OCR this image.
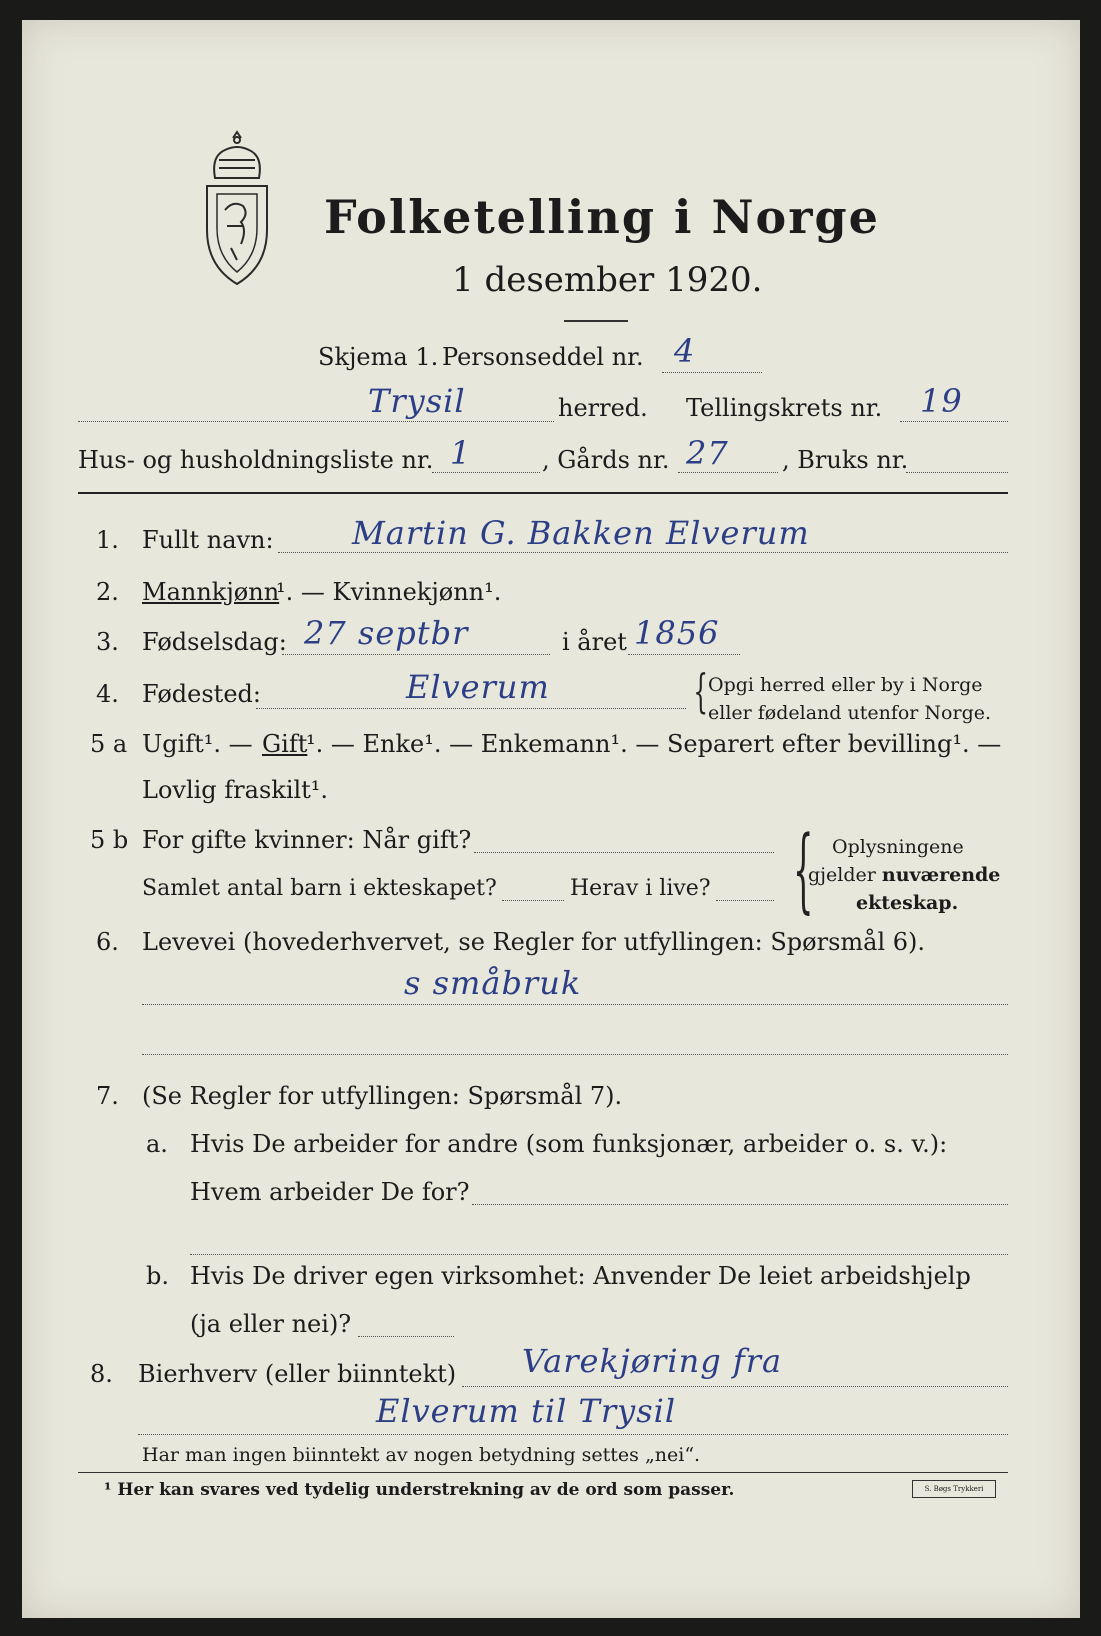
Folketelling i Norge
1 desember 1920.
Skjema 1. Personseddel nr. 4
Trysil	herred. Tellingskrets nr. 19
Hus- og husholdningsliste nr. 1	, Gårds nr. 27 , Bruks nr.
1. Fullt navn: Martin G. Bakken Elverum
2. Mannkjønn
¹. — Kvinnekjønn¹.
3. Fødselsdag: 27 septbr	i året 1856
4. Fødested:	Elverum	{ Opgi herred eller by i Norge
eller fødeland utenfor Norge.
5 a Ugift¹. — Gift
¹. — Enke¹. — Enkemann¹. — Separert efter bevilling¹. —
Lovlig fraskilt¹.
5 b For gifte kvinner: Når gift?
Samlet antal barn i ekteskapet?	Herav i live? { Oplysningene
gjelder nuværende
ekteskap.
6. Levevei (hovederhvervet, se Regler for utfyllingen: Spørsmål 6).
s småbruk
7. (Se Regler for utfyllingen: Spørsmål 7).
a. Hvis De arbeider for andre (som funksjonær, arbeider o. s. v.):
Hvem arbeider De for?
b. Hvis De driver egen virksomhet: Anvender De leiet arbeidshjelp
(ja eller nei)?
8. Bierhverv (eller biinntekt) Varekjøring fra
Elverum til Trysil
Har man ingen biinntekt av nogen betydning settes „nei“.
¹ Her kan svares ved tydelig understrekning av de ord som passer.	S. Bøgs Trykkeri
